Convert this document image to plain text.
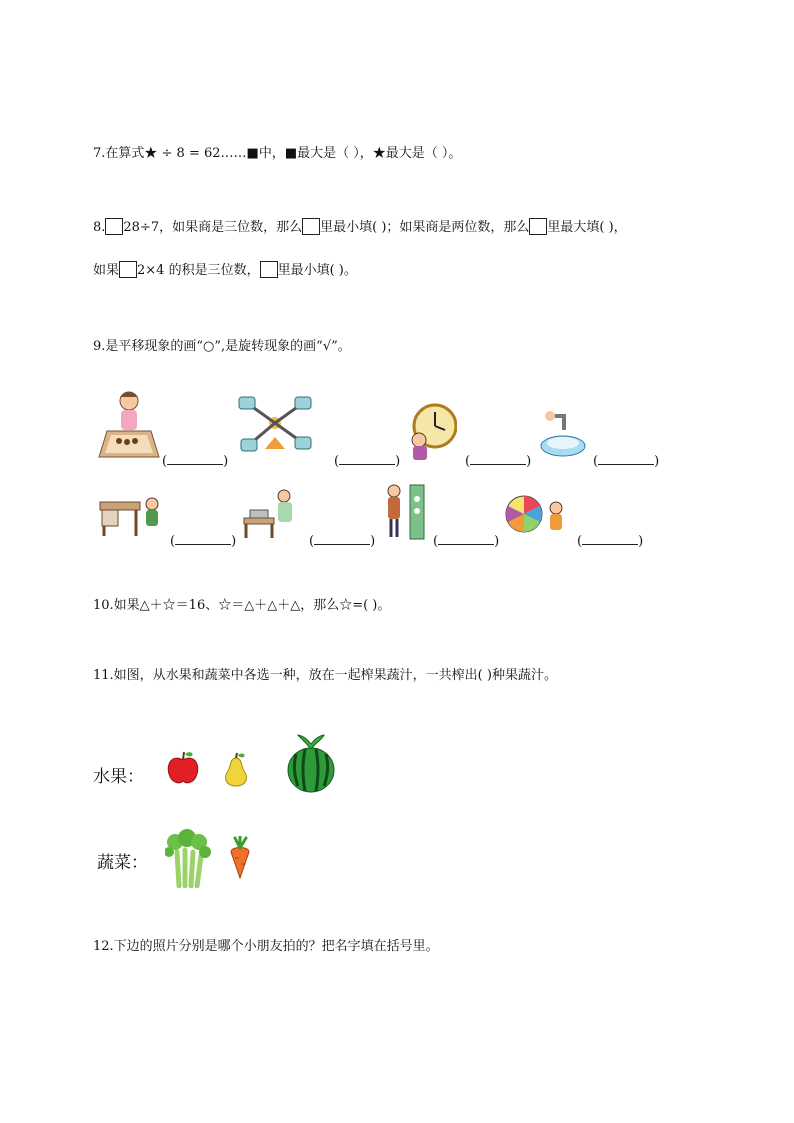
7.在算式★ ÷ 8 = 62……■中，■最大是（ ），★最大是（ ）。
8. 28÷7，如果商是三位数，那么 里最小填( )；如果商是两位数，那么 里最大填( )，
如果 2×4 的积是三位数， 里最小填( )。
9.是平移现象的画“○”,是旋转现象的画“√”。
(	)	(	)	(	)	(	)
(	)	(	)	(	)	(	)
10.如果△＋☆＝16、☆＝△＋△＋△，那么☆=( )。
11.如图，从水果和蔬菜中各选一种，放在一起榨果蔬汁，一共榨出( )种果蔬汁。
水果：
蔬菜：
12.下边的照片分别是哪个小朋友拍的？把名字填在括号里。
